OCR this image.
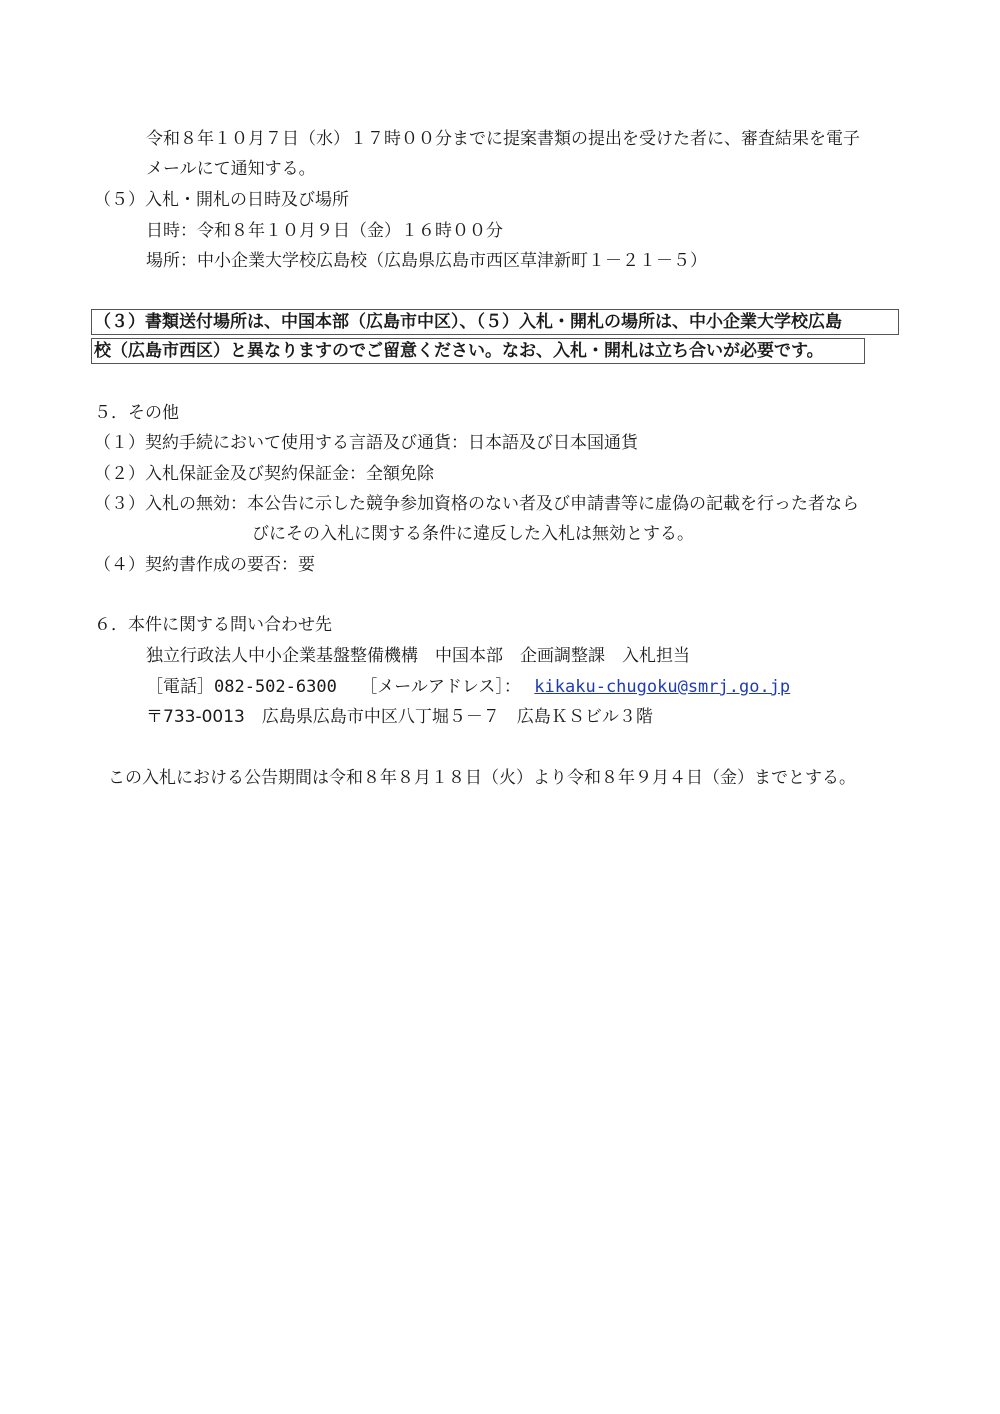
令和８年１０月７日（水）１７時００分までに提案書類の提出を受けた者に、審査結果を電子
メールにて通知する。
（５）入札・開札の日時及び場所
日時：令和８年１０月９日（金）１６時００分
場所：中小企業大学校広島校（広島県広島市西区草津新町１－２１－５）
（３）書類送付場所は、中国本部（広島市中区）、（５）入札・開札の場所は、中小企業大学校広島
校（広島市西区）と異なりますのでご留意ください。なお、入札・開札は立ち合いが必要です。
５．その他
（１）契約手続において使用する言語及び通貨：日本語及び日本国通貨
（２）入札保証金及び契約保証金：全額免除
（３）入札の無効：本公告に示した競争参加資格のない者及び申請書等に虚偽の記載を行った者なら
びにその入札に関する条件に違反した入札は無効とする。
（４）契約書作成の要否：要
６．本件に関する問い合わせ先
独立行政法人中小企業基盤整備機構　中国本部　企画調整課　入札担当
［電話］082-502-6300 ［メールアドレス］： kikaku-chugoku@smrj.go.jp
〒733-0013　広島県広島市中区八丁堀５－７　広島ＫＳビル３階
この入札における公告期間は令和８年８月１８日（火）より令和８年９月４日（金）までとする。
